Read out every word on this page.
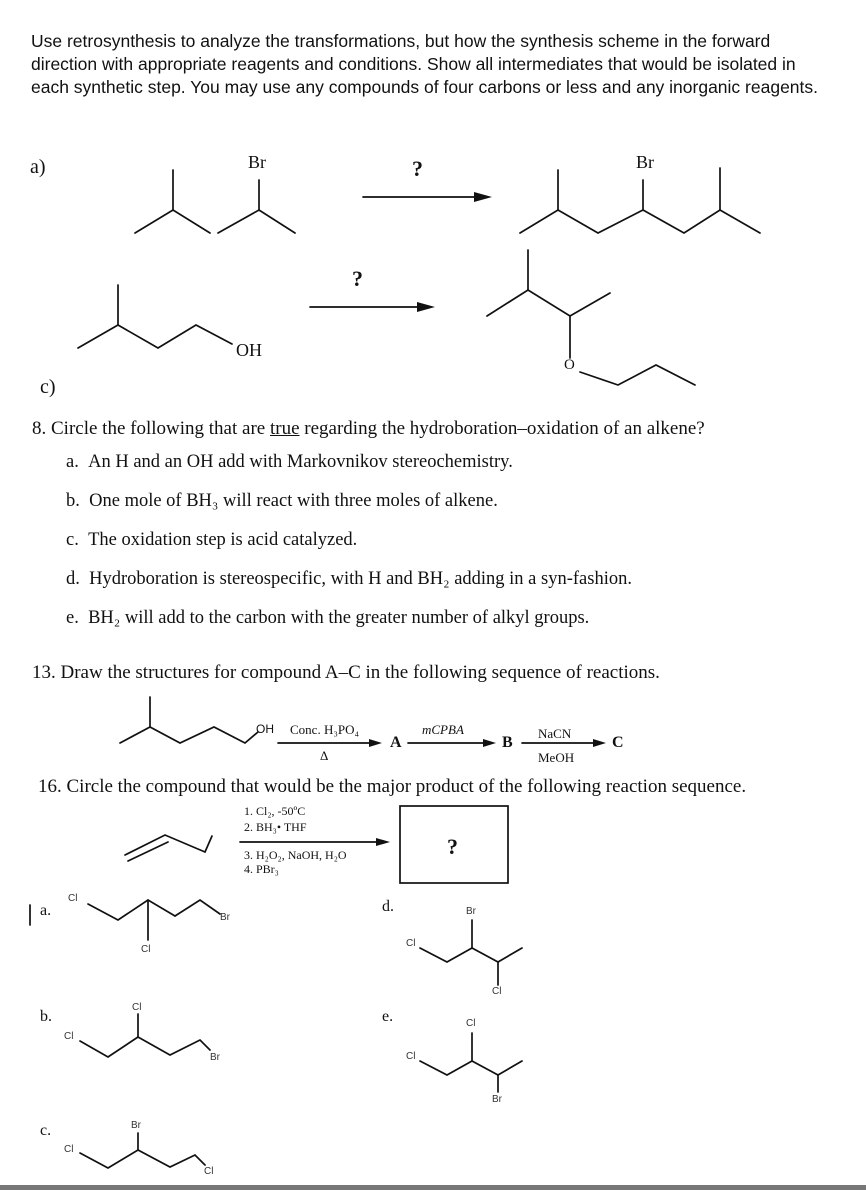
Use retrosynthesis to analyze the transformations, but how the synthesis scheme in the forward direction with appropriate reagents and conditions. Show all intermediates that would be isolated in each synthetic step. You may use any compounds of four carbons or less and any inorganic reagents.
a)	Br	?	Br
?
OH
O
c)
8. Circle the following that are true regarding the hydroboration–oxidation of an alkene?
a. An H and an OH add with Markovnikov stereochemistry.
b. One mole of BH₃ will react with three moles of alkene.
c. The oxidation step is acid catalyzed.
d. Hydroboration is stereospecific, with H and BH₂ adding in a syn-fashion.
e. BH₂ will add to the carbon with the greater number of alkyl groups.
13. Draw the structures for compound A–C in the following sequence of reactions.
OH Conc. H₃PO₄
Δ
A
mCPBA
B
NaCN
MeOH
C
16. Circle the compound that would be the major product of the following reaction sequence.
1. Cl₂, -50ºC
2. BH₃• THF
3. H₂O₂, NaOH, H₂O
4. PBr₃
?
a.
Cl
Br
Cl
b.
Cl
Cl
Br
c.
Cl
Br
Cl
d.	Br
Cl
Cl
e.
Cl
Cl
Br
